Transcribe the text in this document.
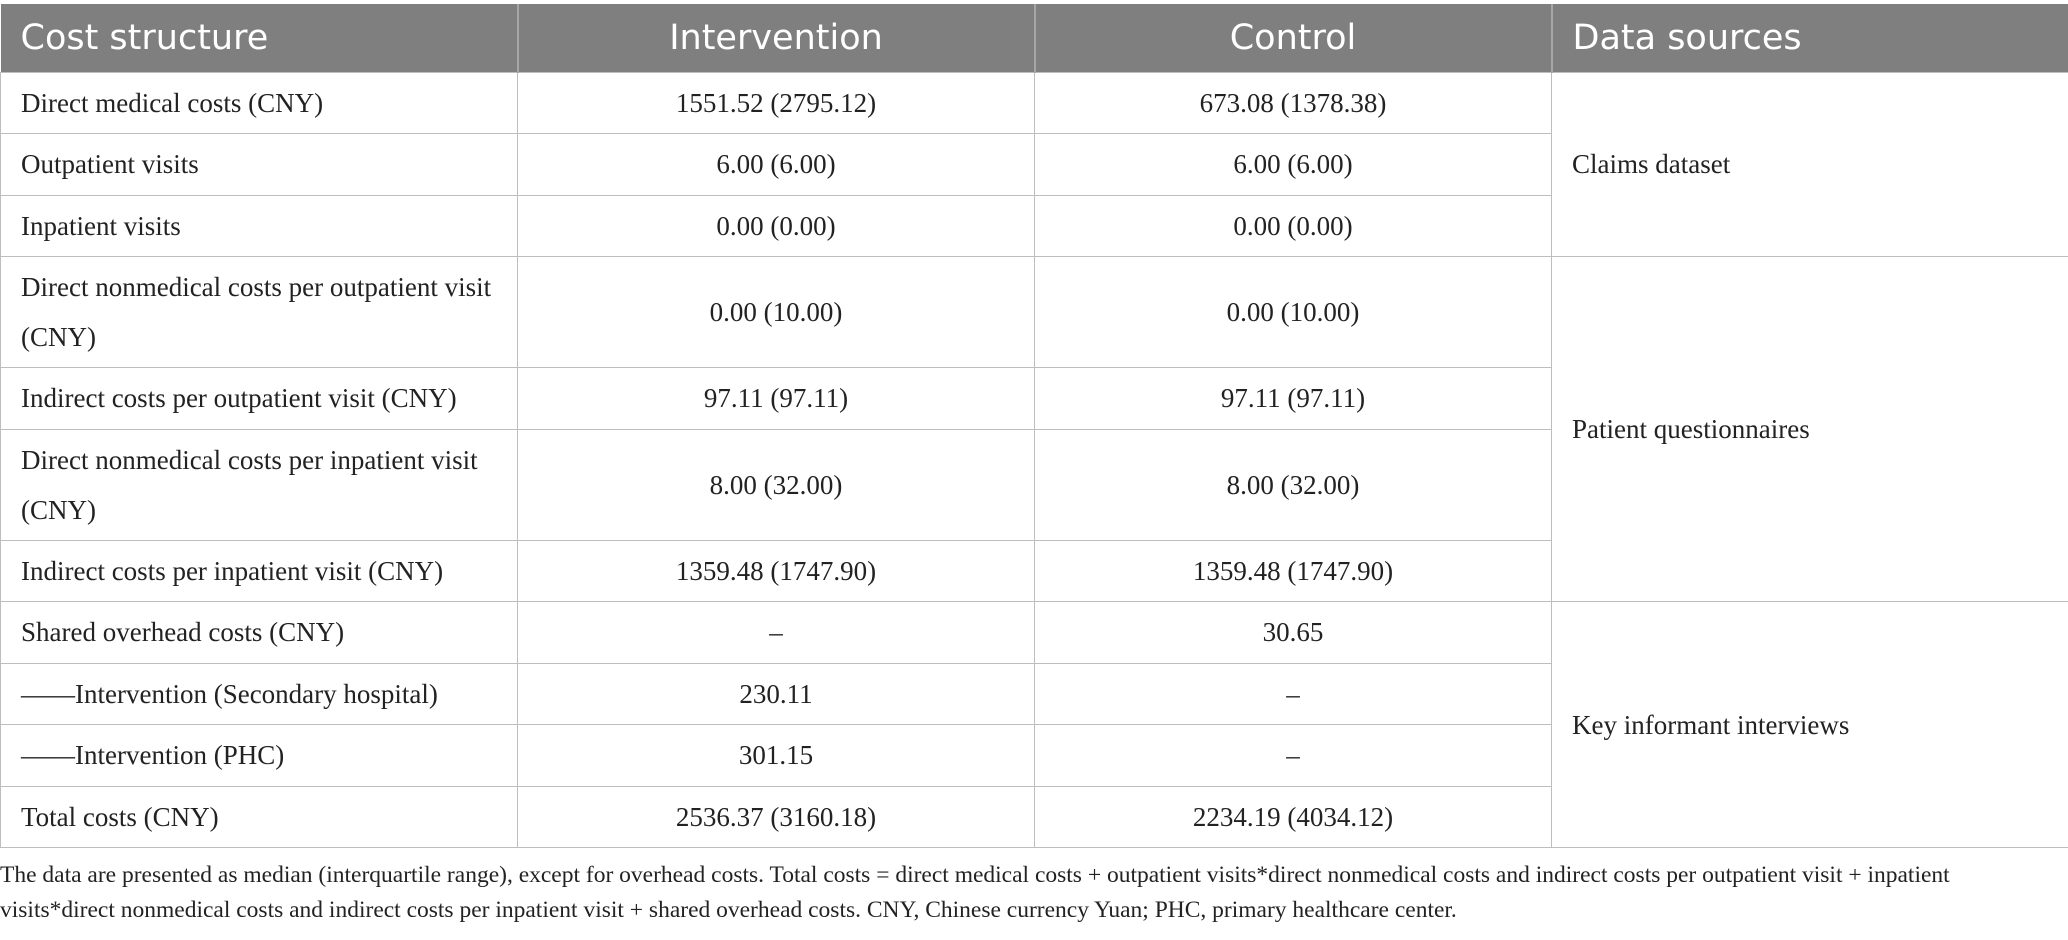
Cost structure	Intervention	Control	Data sources
Direct medical costs (CNY)	1551.52 (2795.12)	673.08 (1378.38)	Claims dataset
Outpatient visits	6.00 (6.00)	6.00 (6.00)	
Inpatient visits	0.00 (0.00)	0.00 (0.00)	
Direct nonmedical costs per outpatient visit (CNY)	0.00 (10.00)	0.00 (10.00)	Patient questionnaires
Indirect costs per outpatient visit (CNY)	97.11 (97.11)	97.11 (97.11)	
Direct nonmedical costs per inpatient visit (CNY)	8.00 (32.00)	8.00 (32.00)	
Indirect costs per inpatient visit (CNY)	1359.48 (1747.90)	1359.48 (1747.90)	
Shared overhead costs (CNY)	–	30.65	Key informant interviews
——Intervention (Secondary hospital)	230.11	–	
——Intervention (PHC)	301.15	–	
Total costs (CNY)	2536.37 (3160.18)	2234.19 (4034.12)	
The data are presented as median (interquartile range), except for overhead costs. Total costs = direct medical costs + outpatient visits*direct nonmedical costs and indirect costs per outpatient visit + inpatient visits*direct nonmedical costs and indirect costs per inpatient visit + shared overhead costs. CNY, Chinese currency Yuan; PHC, primary healthcare center.
